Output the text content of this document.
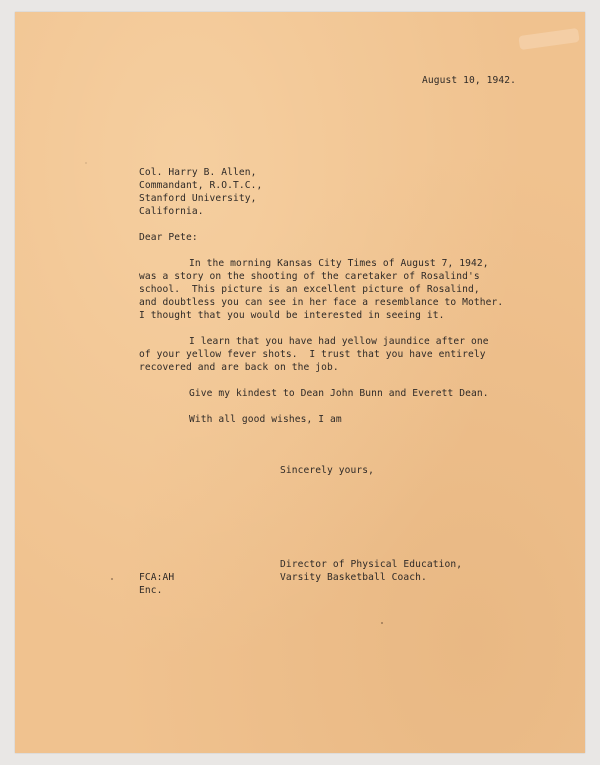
August 10, 1942.
Col. Harry B. Allen,
Commandant, R.O.T.C.,
Stanford University,
California.
Dear Pete:
In the morning Kansas City Times of August 7, 1942,
was a story on the shooting of the caretaker of Rosalind's
school.  This picture is an excellent picture of Rosalind,
and doubtless you can see in her face a resemblance to Mother.
I thought that you would be interested in seeing it.
I learn that you have had yellow jaundice after one
of your yellow fever shots.  I trust that you have entirely
recovered and are back on the job.
Give my kindest to Dean John Bunn and Everett Dean.
With all good wishes, I am
Sincerely yours,
Director of Physical Education,
Varsity Basketball Coach.
FCA:AH
Enc.
